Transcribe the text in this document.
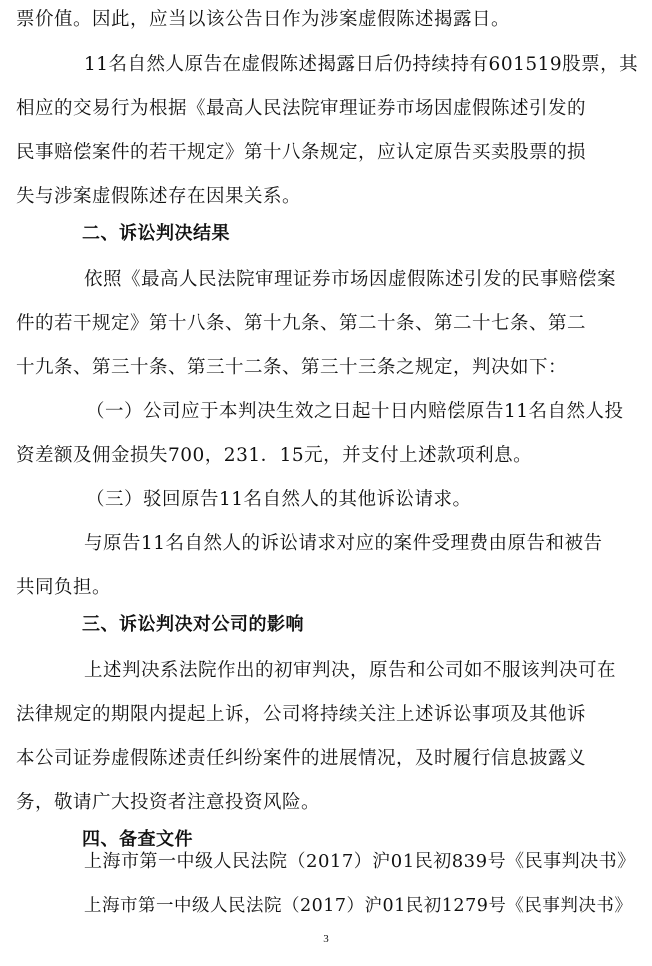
票价值。因此，应当以该公告日作为涉案虚假陈述揭露日。
11名自然人原告在虚假陈述揭露日后仍持续持有601519股票，其
相应的交易行为根据《最高人民法院审理证券市场因虚假陈述引发的
民事赔偿案件的若干规定》第十八条规定，应认定原告买卖股票的损
失与涉案虚假陈述存在因果关系。
二、诉讼判决结果
依照《最高人民法院审理证券市场因虚假陈述引发的民事赔偿案
件的若干规定》第十八条、第十九条、第二十条、第二十七条、第二
十九条、第三十条、第三十二条、第三十三条之规定，判决如下：
（一）公司应于本判决生效之日起十日内赔偿原告11名自然人投
资差额及佣金损失700，231．15元，并支付上述款项利息。
（三）驳回原告11名自然人的其他诉讼请求。
与原告11名自然人的诉讼请求对应的案件受理费由原告和被告
共同负担。
三、诉讼判决对公司的影响
上述判决系法院作出的初审判决，原告和公司如不服该判决可在
法律规定的期限内提起上诉，公司将持续关注上述诉讼事项及其他诉
本公司证券虚假陈述责任纠纷案件的进展情况，及时履行信息披露义
务，敬请广大投资者注意投资风险。
四、备查文件
上海市第一中级人民法院（2017）沪01民初839号《民事判决书》
上海市第一中级人民法院（2017）沪01民初1279号《民事判决书》
3
